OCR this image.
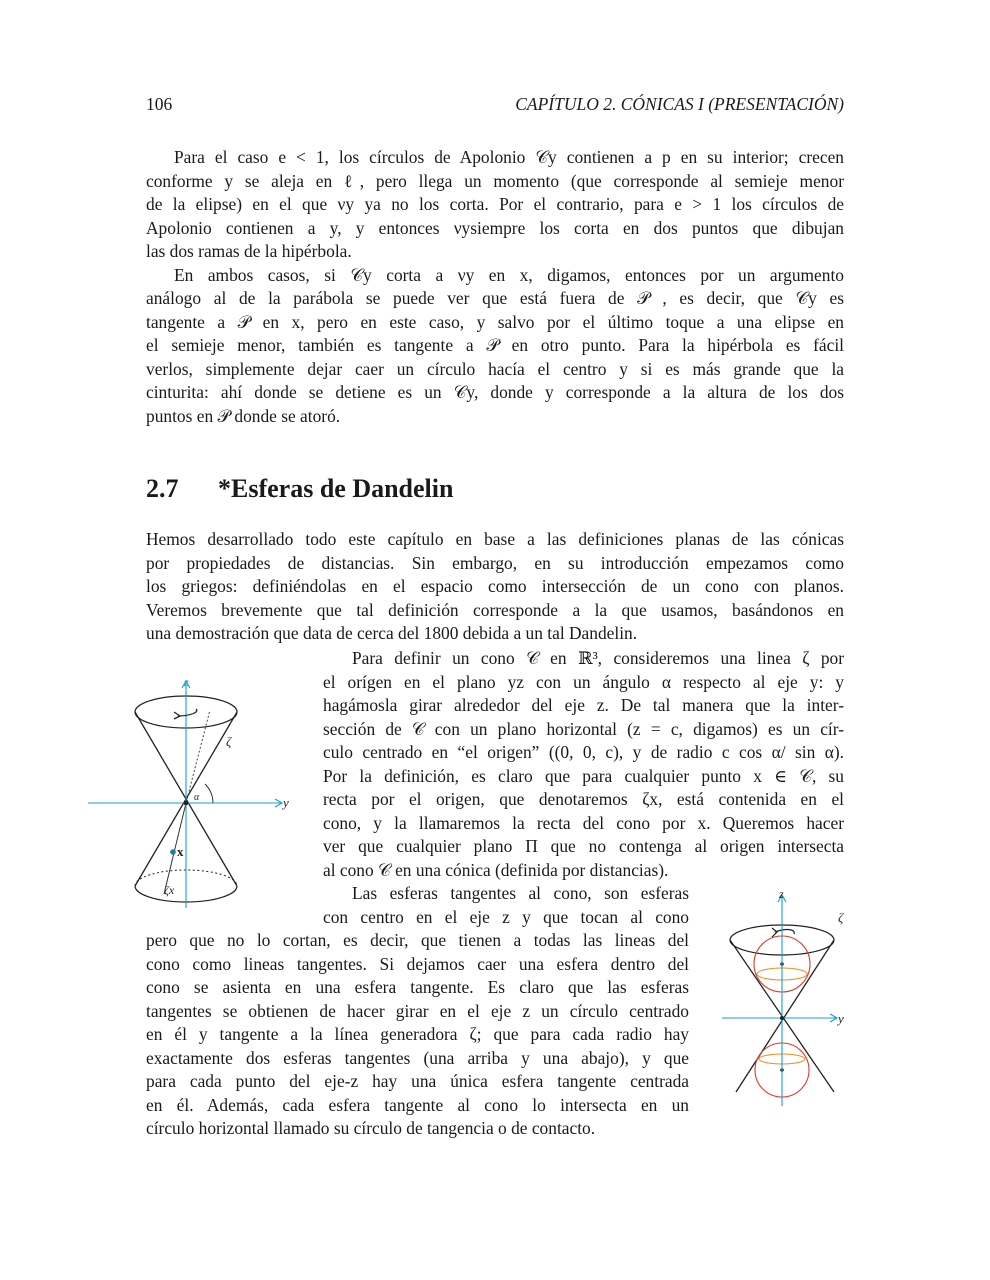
106	CAPÍTULO 2. CÓNICAS I (PRESENTACIÓN)
Para el caso e < 1, los círculos de Apolonio 𝒞y contienen a p en su interior; crecen
conforme y se aleja en ℓ, pero llega un momento (que corresponde al semieje menor
de la elipse) en el que νy ya no los corta. Por el contrario, para e > 1 los círculos de
Apolonio contienen a y, y entonces νysiempre los corta en dos puntos que dibujan
las dos ramas de la hipérbola.
En ambos casos, si 𝒞y corta a νy en x, digamos, entonces por un argumento
análogo al de la parábola se puede ver que está fuera de 𝒫 , es decir, que 𝒞y es
tangente a 𝒫 en x, pero en este caso, y salvo por el último toque a una elipse en
el semieje menor, también es tangente a 𝒫 en otro punto. Para la hipérbola es fácil
verlos, simplemente dejar caer un círculo hacía el centro y si es más grande que la
cinturita: ahí donde se detiene es un 𝒞y, donde y corresponde a la altura de los dos
puntos en 𝒫 donde se atoró.
2.7 *Esferas de Dandelin
Hemos desarrollado todo este capítulo en base a las definiciones planas de las cónicas
por propiedades de distancias. Sin embargo, en su introducción empezamos como
los griegos: definiéndolas en el espacio como intersección de un cono con planos.
Veremos brevemente que tal definición corresponde a la que usamos, basándonos en
una demostración que data de cerca del 1800 debida a un tal Dandelin.
Para definir un cono 𝒞 en ℝ³, consideremos una linea ζ por
el orígen en el plano yz con un ángulo α respecto al eje y: y
hagámosla girar alrededor del eje z. De tal manera que la inter-
sección de 𝒞 con un plano horizontal (z = c, digamos) es un cír-
culo centrado en “el origen” ((0, 0, c), y de radio c cos α/ sin α).
Por la definición, es claro que para cualquier punto x ∈ 𝒞, su
recta por el origen, que denotaremos ζx, está contenida en el
cono, y la llamaremos la recta del cono por x. Queremos hacer
ver que cualquier plano Π que no contenga al origen intersecta
al cono 𝒞 en una cónica (definida por distancias).
Las esferas tangentes al cono, son esferas
con centro en el eje z y que tocan al cono
pero que no lo cortan, es decir, que tienen a todas las lineas del
cono como lineas tangentes. Si dejamos caer una esfera dentro del
cono se asienta en una esfera tangente. Es claro que las esferas
tangentes se obtienen de hacer girar en el eje z un círculo centrado
en él y tangente a la línea generadora ζ; que para cada radio hay
exactamente dos esferas tangentes (una arriba y una abajo), y que
para cada punto del eje-z hay una única esfera tangente centrada
en él. Además, cada esfera tangente al cono lo intersecta en un
círculo horizontal llamado su círculo de tangencia o de contacto.
z
y
ζ
α
x
ζx	z
y
ζ
